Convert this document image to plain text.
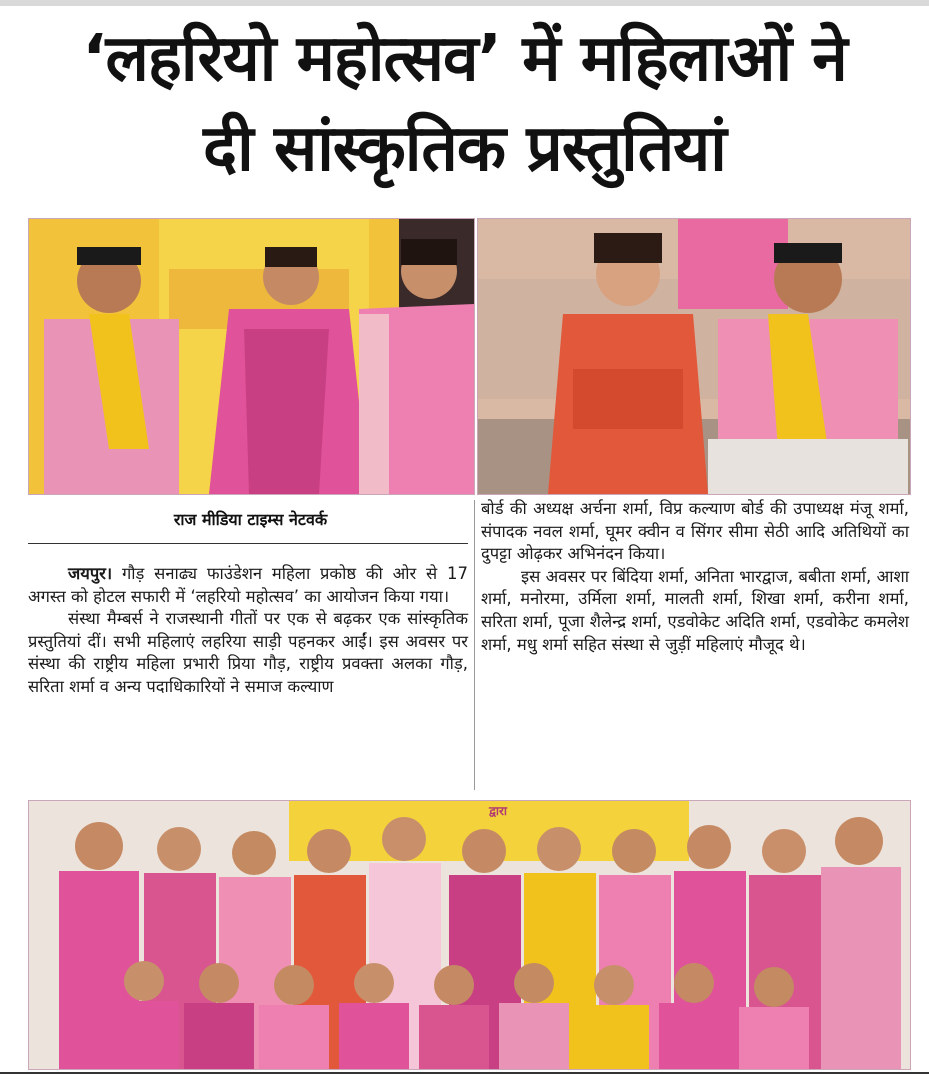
‘लहरियो महोत्सव’ में महिलाओं ने
दी सांस्कृतिक प्रस्तुतियां
राज मीडिया टाइम्स नेटवर्क

जयपुर। गौड़ सनाढ्य फाउंडेशन महिला प्रकोष्ठ की ओर से 17 अगस्त को होटल सफारी में ‘लहरियो महोत्सव’ का आयोजन किया गया।

संस्था मैम्बर्स ने राजस्थानी गीतों पर एक से बढ़कर एक सांस्कृतिक प्रस्तुतियां दीं। सभी महिलाएं लहरिया साड़ी पहनकर आईं। इस अवसर पर संस्था की राष्ट्रीय महिला प्रभारी प्रिया गौड़, राष्ट्रीय प्रवक्ता अलका गौड़, सरिता शर्मा व अन्य पदाधिकारियों ने समाज कल्याण

बोर्ड की अध्यक्ष अर्चना शर्मा, विप्र कल्याण बोर्ड की उपाध्यक्ष मंजू शर्मा, संपादक नवल शर्मा, घूमर क्वीन व सिंगर सीमा सेठी आदि अतिथियों का दुपट्टा ओढ़कर अभिनंदन किया।

इस अवसर पर बिंदिया शर्मा, अनिता भारद्वाज, बबीता शर्मा, आशा शर्मा, मनोरमा, उर्मिला शर्मा, मालती शर्मा, शिखा शर्मा, करीना शर्मा, सरिता शर्मा, पूजा शैलेन्द्र शर्मा, एडवोकेट अदिति शर्मा, एडवोकेट कमलेश शर्मा, मधु शर्मा सहित संस्था से जुड़ीं महिलाएं मौजूद थे।

द्वारा
